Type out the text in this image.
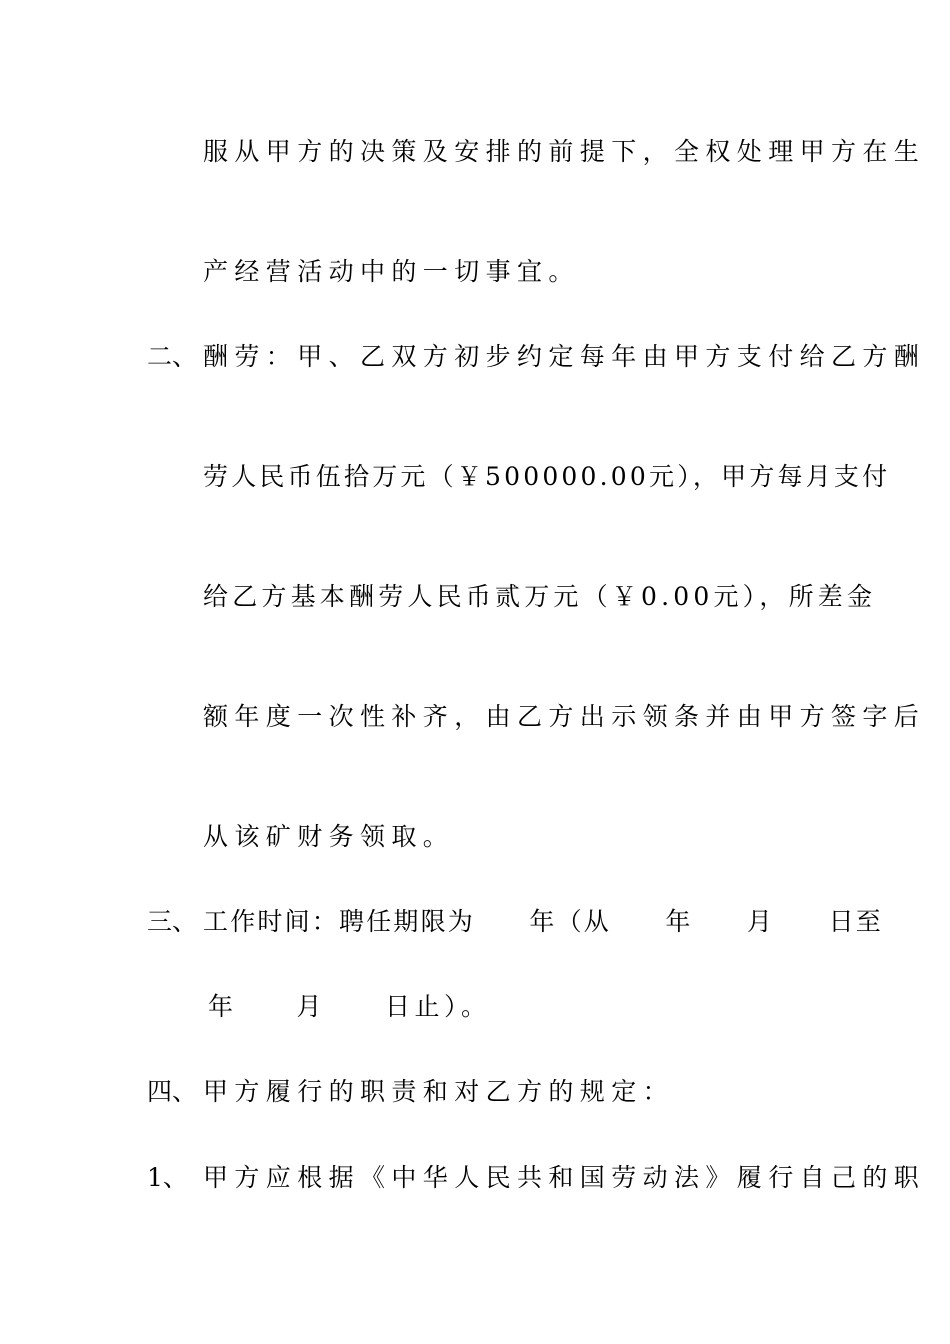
服从甲方的决策及安排的前提下，全权处理甲方在生
产经营活动中的一切事宜。
二、 酬劳：甲、乙双方初步约定每年由甲方支付给乙方酬
劳人民币伍拾万元（￥500000.00元），甲方每月支付
给乙方基本酬劳人民币贰万元（￥0.00元），所差金
额年度一次性补齐，由乙方出示领条并由甲方签字后
从该矿财务领取。
三、 工作时间：聘任期限为　　年（从　　年　　月　　日至
年　　月　　日止）。
四、 甲方履行的职责和对乙方的规定：
1、 甲方应根据《中华人民共和国劳动法》履行自己的职
